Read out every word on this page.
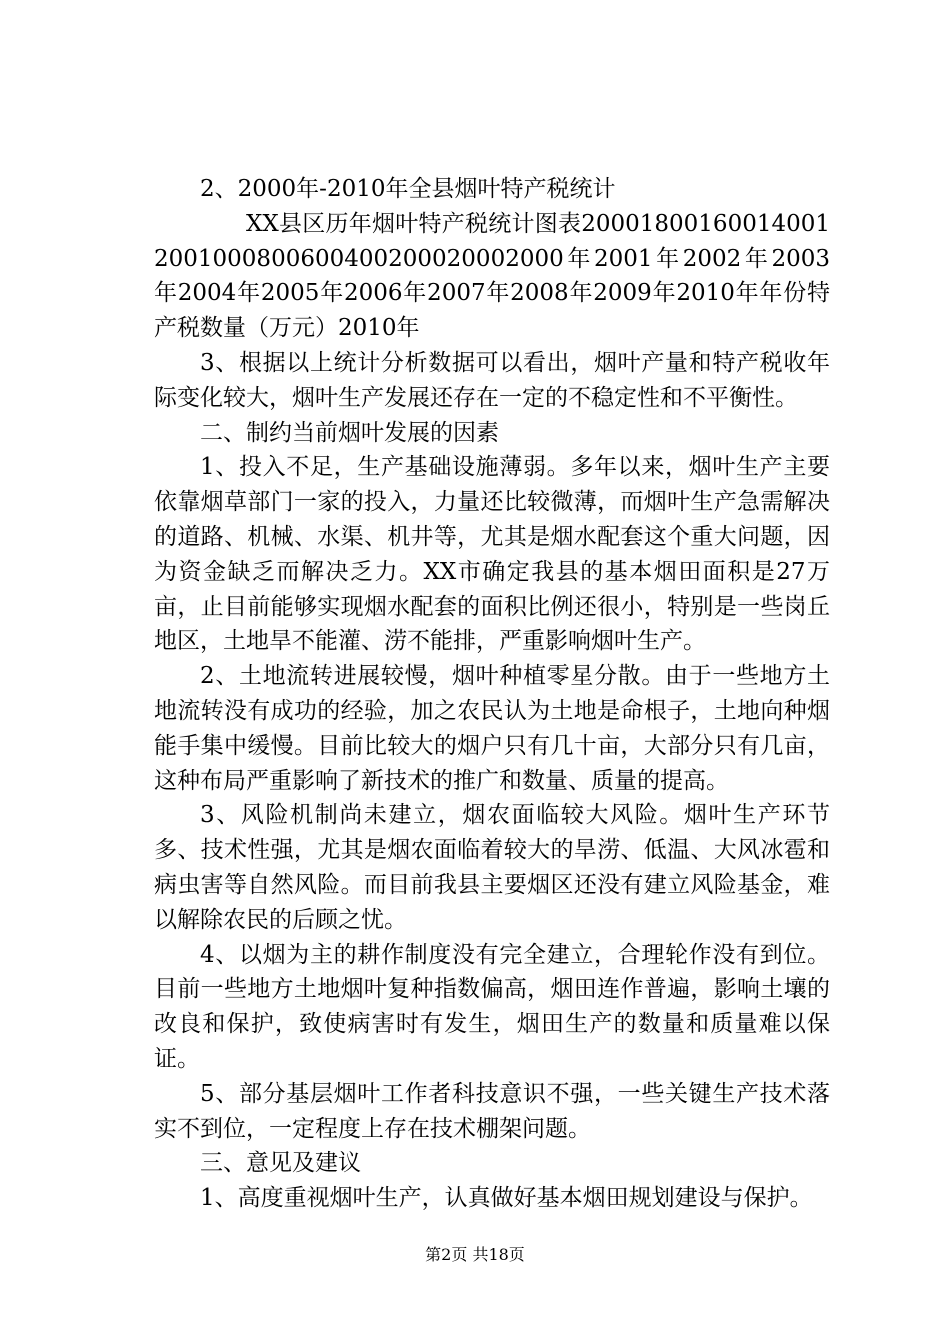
2、2000年-2010年全县烟叶特产税统计

XX县区历年烟叶特产税统计图表200018001600140012001000800600400200020002000年2001年2002年2003年2004年2005年2006年2007年2008年2009年2010年年份特产税数量（万元）2010年

3、根据以上统计分析数据可以看出，烟叶产量和特产税收年际变化较大，烟叶生产发展还存在一定的不稳定性和不平衡性。

二、制约当前烟叶发展的因素

1、投入不足，生产基础设施薄弱。多年以来，烟叶生产主要依靠烟草部门一家的投入，力量还比较微薄，而烟叶生产急需解决的道路、机械、水渠、机井等，尤其是烟水配套这个重大问题，因为资金缺乏而解决乏力。XX市确定我县的基本烟田面积是27万亩，止目前能够实现烟水配套的面积比例还很小，特别是一些岗丘地区，土地旱不能灌、涝不能排，严重影响烟叶生产。

2、土地流转进展较慢，烟叶种植零星分散。由于一些地方土地流转没有成功的经验，加之农民认为土地是命根子，土地向种烟能手集中缓慢。目前比较大的烟户只有几十亩，大部分只有几亩，这种布局严重影响了新技术的推广和数量、质量的提高。

3、风险机制尚未建立，烟农面临较大风险。烟叶生产环节多、技术性强，尤其是烟农面临着较大的旱涝、低温、大风冰雹和病虫害等自然风险。而目前我县主要烟区还没有建立风险基金，难以解除农民的后顾之忧。

4、以烟为主的耕作制度没有完全建立，合理轮作没有到位。目前一些地方土地烟叶复种指数偏高，烟田连作普遍，影响土壤的改良和保护，致使病害时有发生，烟田生产的数量和质量难以保证。

5、部分基层烟叶工作者科技意识不强，一些关键生产技术落实不到位，一定程度上存在技术棚架问题。

三、意见及建议

1、高度重视烟叶生产，认真做好基本烟田规划建设与保护。

第2页 共18页
